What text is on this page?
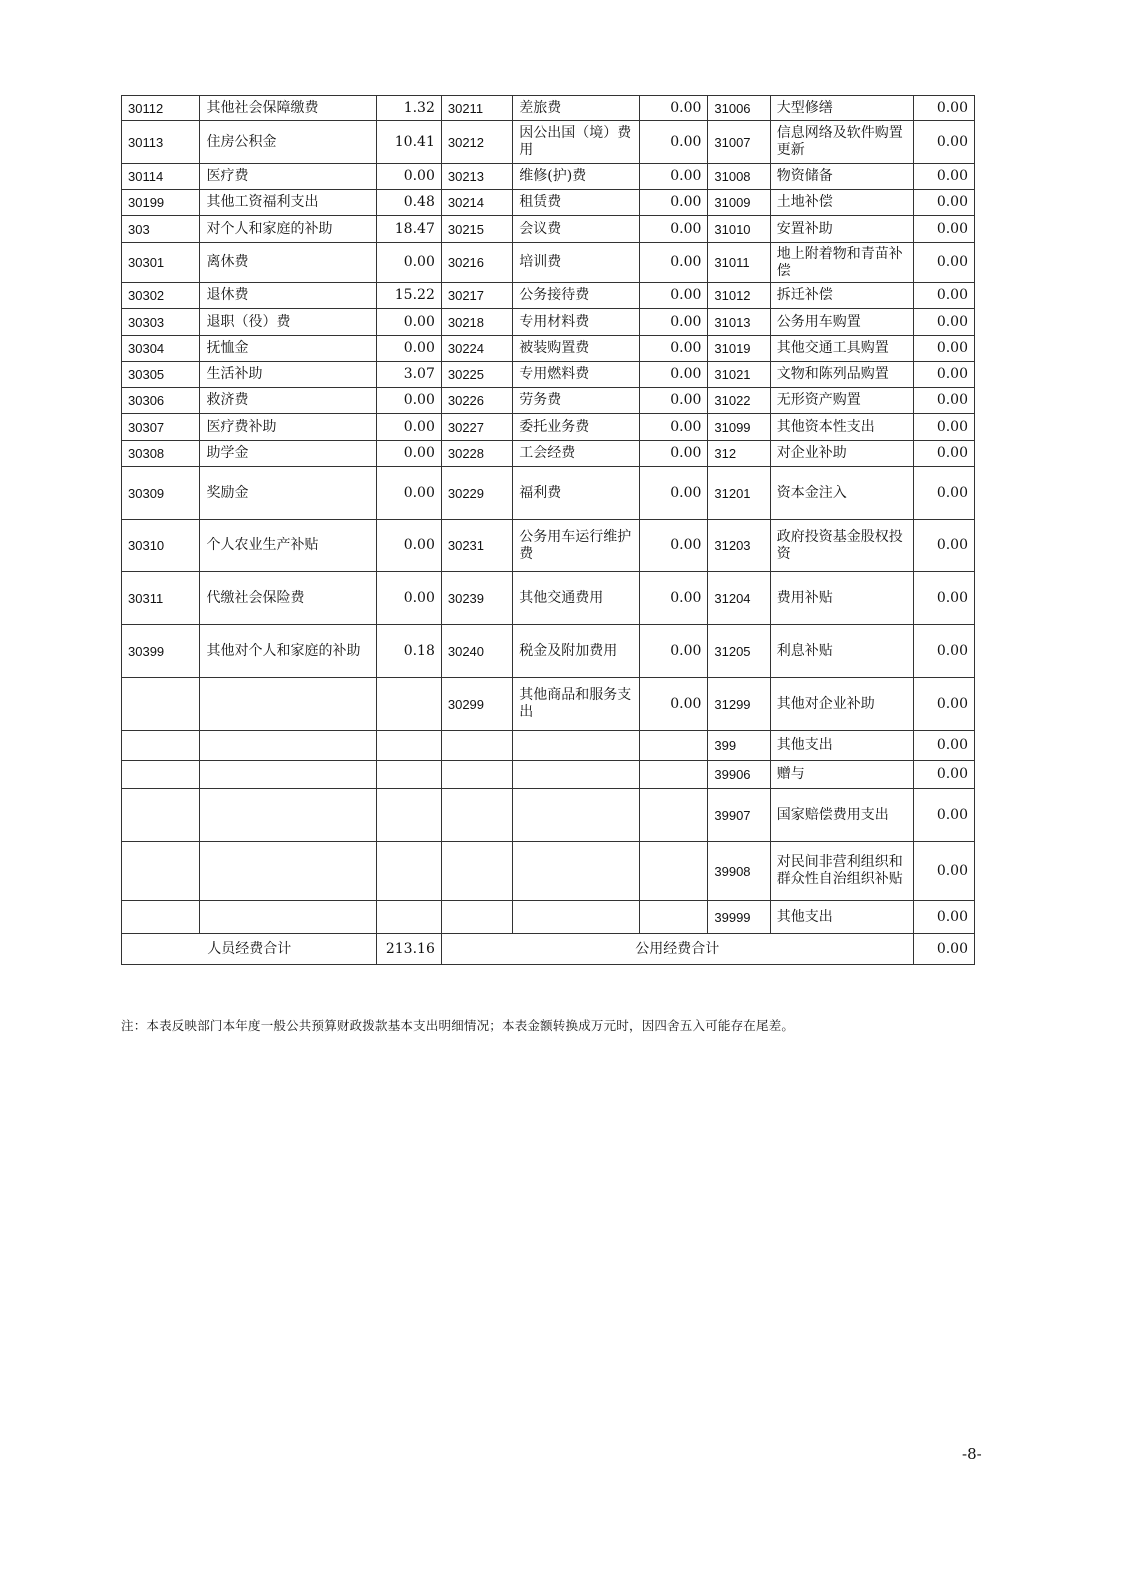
30112	其他社会保障缴费	1.32	30211	差旅费	0.00	31006	大型修缮	0.00
30113	住房公积金	10.41	30212	因公出国（境）费用	0.00	31007	信息网络及软件购置更新	0.00
30114	医疗费	0.00	30213	维修(护)费	0.00	31008	物资储备	0.00
30199	其他工资福利支出	0.48	30214	租赁费	0.00	31009	土地补偿	0.00
303	对个人和家庭的补助	18.47	30215	会议费	0.00	31010	安置补助	0.00
30301	离休费	0.00	30216	培训费	0.00	31011	地上附着物和青苗补偿	0.00
30302	退休费	15.22	30217	公务接待费	0.00	31012	拆迁补偿	0.00
30303	退职（役）费	0.00	30218	专用材料费	0.00	31013	公务用车购置	0.00
30304	抚恤金	0.00	30224	被装购置费	0.00	31019	其他交通工具购置	0.00
30305	生活补助	3.07	30225	专用燃料费	0.00	31021	文物和陈列品购置	0.00
30306	救济费	0.00	30226	劳务费	0.00	31022	无形资产购置	0.00
30307	医疗费补助	0.00	30227	委托业务费	0.00	31099	其他资本性支出	0.00
30308	助学金	0.00	30228	工会经费	0.00	312	对企业补助	0.00
30309	奖励金	0.00	30229	福利费	0.00	31201	资本金注入	0.00
30310	个人农业生产补贴	0.00	30231	公务用车运行维护费	0.00	31203	政府投资基金股权投资	0.00
30311	代缴社会保险费	0.00	30239	其他交通费用	0.00	31204	费用补贴	0.00
30399	其他对个人和家庭的补助	0.18	30240	税金及附加费用	0.00	31205	利息补贴	0.00
			30299	其他商品和服务支出	0.00	31299	其他对企业补助	0.00
						399	其他支出	0.00
						39906	赠与	0.00
						39907	国家赔偿费用支出	0.00
						39908	对民间非营利组织和群众性自治组织补贴	0.00
						39999	其他支出	0.00
人员经费合计		213.16	公用经费合计					0.00
注：本表反映部门本年度一般公共预算财政拨款基本支出明细情况；本表金额转换成万元时，因四舍五入可能存在尾差。
-8-
